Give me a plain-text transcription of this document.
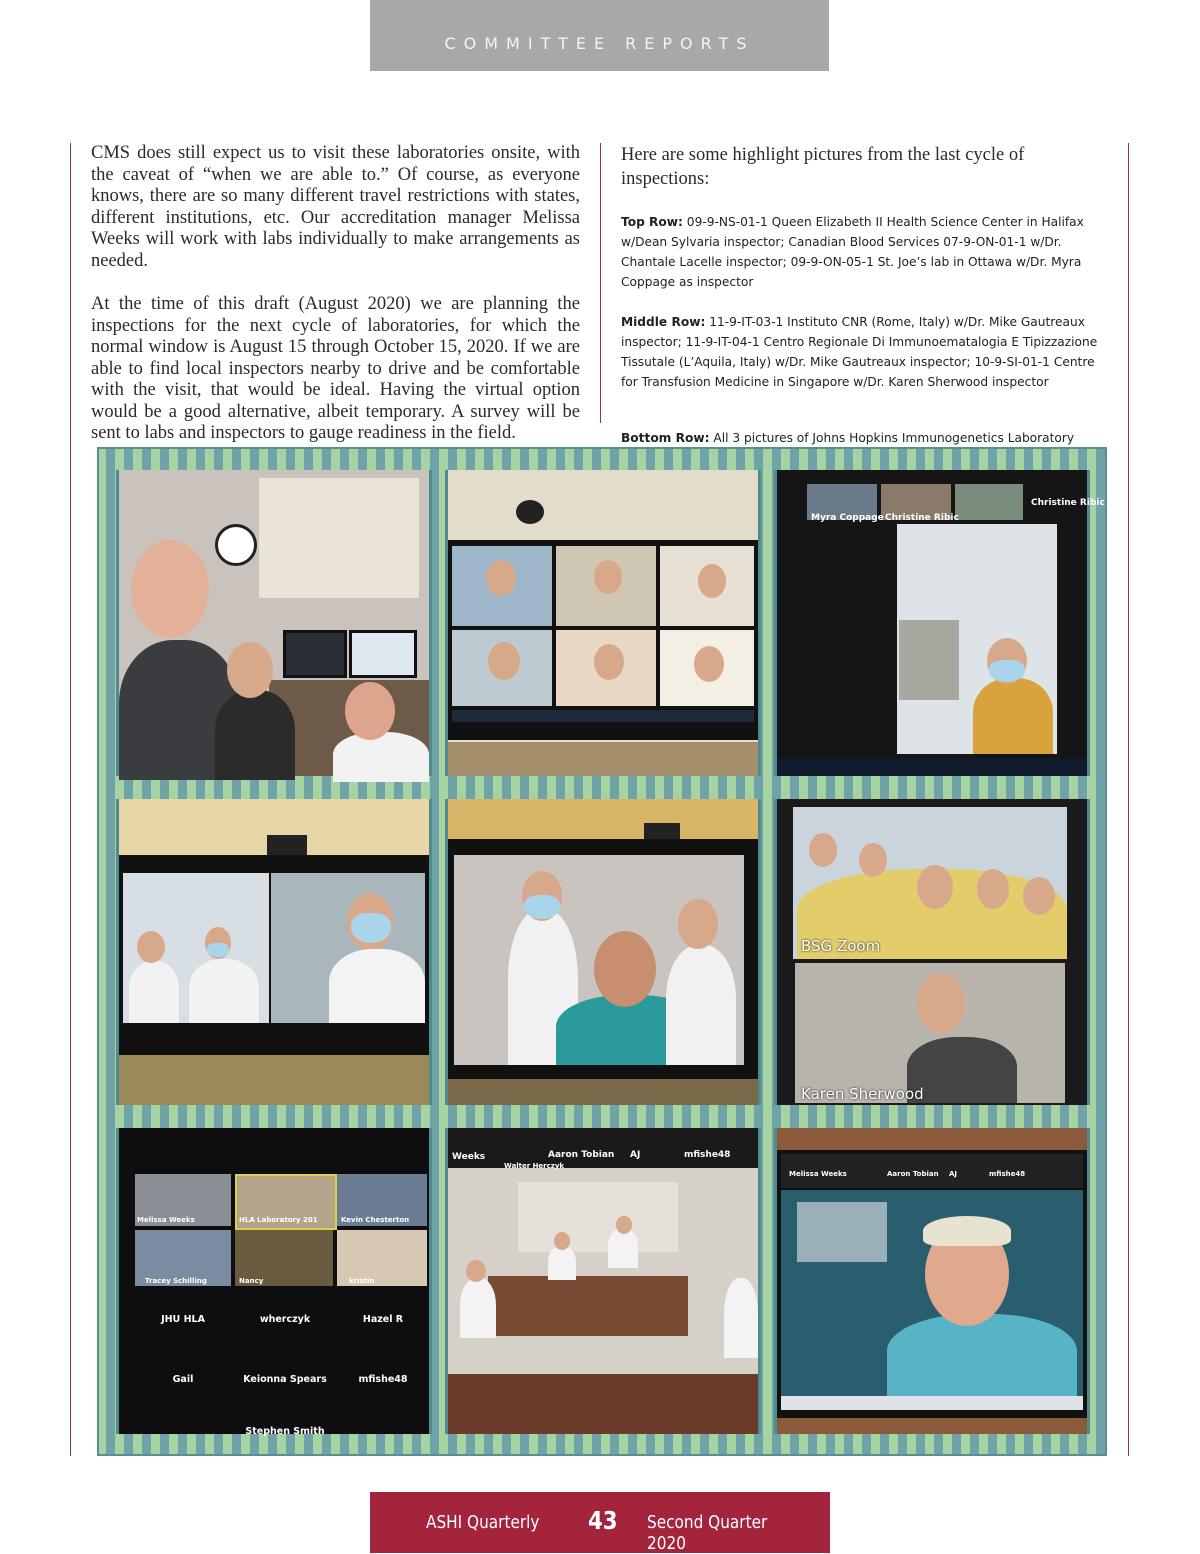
COMMITTEE REPORTS

CMS does still expect us to visit these laboratories onsite, with the caveat of “when we are able to.” Of course, as everyone knows, there are so many different travel restrictions with states, different institutions, etc. Our accreditation manager Melissa Weeks will work with labs individually to make arrangements as needed.

At the time of this draft (August 2020) we are planning the inspections for the next cycle of laboratories, for which the normal window is August 15 through October 15, 2020. If we are able to find local inspectors nearby to drive and be comfortable with the visit, that would be ideal. Having the virtual option would be a good alternative, albeit temporary. A survey will be sent to labs and inspectors to gauge readiness in the field.

Here are some highlight pictures from the last cycle of inspections:

Top Row: 09-9-NS-01-1 Queen Elizabeth II Health Science Center in Halifax w/Dean Sylvaria inspector; Canadian Blood Services 07-9-ON-01-1 w/Dr. Chantale Lacelle inspector; 09-9-ON-05-1 St. Joe’s lab in Ottawa w/Dr. Myra Coppage as inspector

Middle Row: 11-9-IT-03-1 Instituto CNR (Rome, Italy) w/Dr. Mike Gautreaux inspector; 11-9-IT-04-1 Centro Regionale Di Immunoematalogia E Tipizzazione Tissutale (L’Aquila, Italy) w/Dr. Mike Gautreaux inspector; 10-9-SI-01-1 Centre for Transfusion Medicine in Singapore w/Dr. Karen Sherwood inspector

Bottom Row: All 3 pictures of Johns Hopkins Immunogenetics Laboratory

Myra Coppage Christine Ribic
Christine Ribic
BSG Zoom
Karen Sherwood
Melissa Weeks	HLA Laboratory 201	Kevin Chesterton
Tracey Schilling	Nancy	kristin
JHU HLA	wherczyk	Hazel R
Gail	Keionna Spears	mfishe48
Stephen Smith
Weeks
Walter Herczyk
Aaron Tobian AJ	mfishe48
Melissa Weeks	Aaron Tobian AJ	mfishe48
ASHI Quarterly 43 Second Quarter 2020
